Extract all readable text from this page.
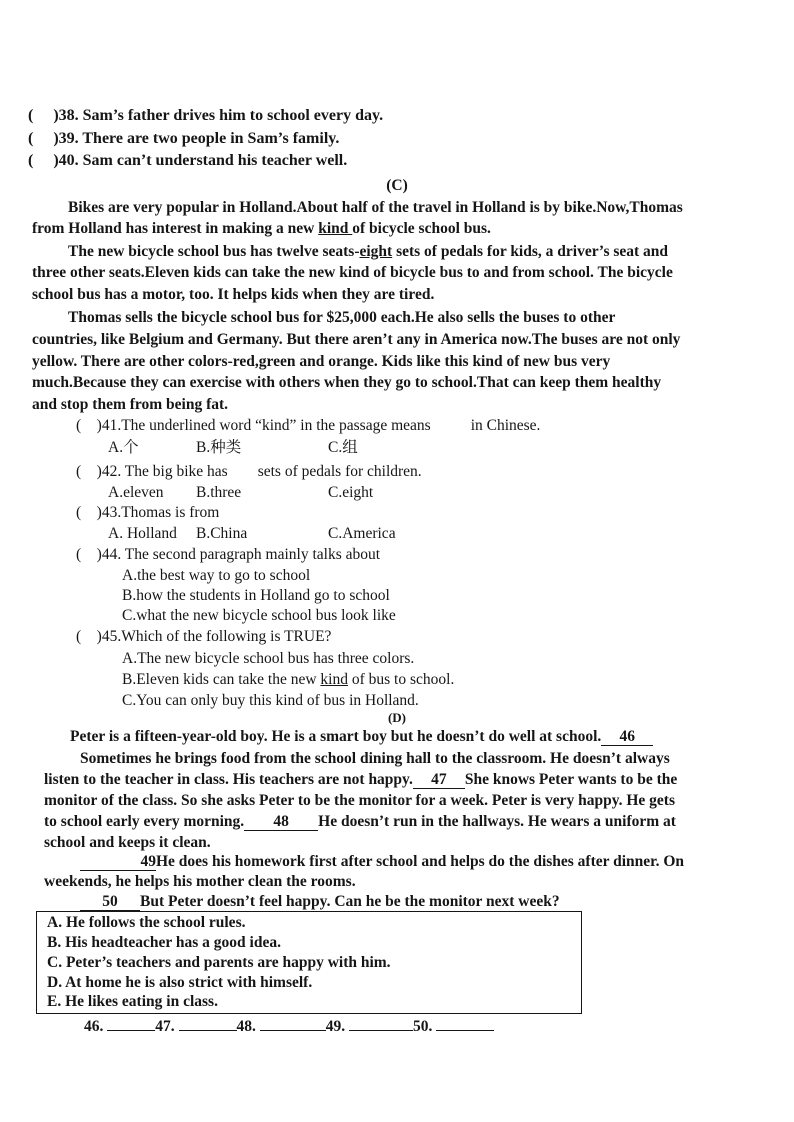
( )38. Sam’s father drives him to school every day.
( )39. There are two people in Sam’s family.
( )40. Sam can’t understand his teacher well.
(C)
Bikes are very popular in Holland.About half of the travel in Holland is by bike.Now,Thomas
from Holland has interest in making a new kind of bicycle school bus.
The new bicycle school bus has twelve seats-eight sets of pedals for kids, a driver’s seat and
three other seats.Eleven kids can take the new kind of bicycle bus to and from school. The bicycle
school bus has a motor, too. It helps kids when they are tired.
Thomas sells the bicycle school bus for $25,000 each.He also sells the buses to other
countries, like Belgium and Germany. But there aren’t any in America now.The buses are not only
yellow. There are other colors-red,green and orange. Kids like this kind of new bus very
much.Because they can exercise with others when they go to school.That can keep them healthy
and stop them from being fat.
( )41.The underlined word “kind” in the passage means	in Chinese.
A.个	B.种类	C.组
( )42. The big bike has sets of pedals for children.
A.eleven B.three	C.eight
( )43.Thomas is from
A. Holland B.China	C.America
( )44. The second paragraph mainly talks about
A.the best way to go to school
B.how the students in Holland go to school
C.what the new bicycle school bus look like
( )45.Which of the following is TRUE?
A.The new bicycle school bus has three colors.
B.Eleven kids can take the new kind of bus to school.
C.You can only buy this kind of bus in Holland.
(D)
Peter is a fifteen-year-old boy. He is a smart boy but he doesn’t do well at school. 46
Sometimes he brings food from the school dining hall to the classroom. He doesn’t always
listen to the teacher in class. His teachers are not happy. 47 She knows Peter wants to be the
monitor of the class. So she asks Peter to be the monitor for a week. Peter is very happy. He gets
to school early every morning. 48 He doesn’t run in the hallways. He wears a uniform at
school and keeps it clean.
49He does his homework first after school and helps do the dishes after dinner. On
weekends, he helps his mother clean the rooms.
50 But Peter doesn’t feel happy. Can he be the monitor next week?
A. He follows the school rules.
B. His headteacher has a good idea.
C. Peter’s teachers and parents are happy with him.
D. At home he is also strict with himself.
E. He likes eating in class.
46.	47.	48.	49.	50.
